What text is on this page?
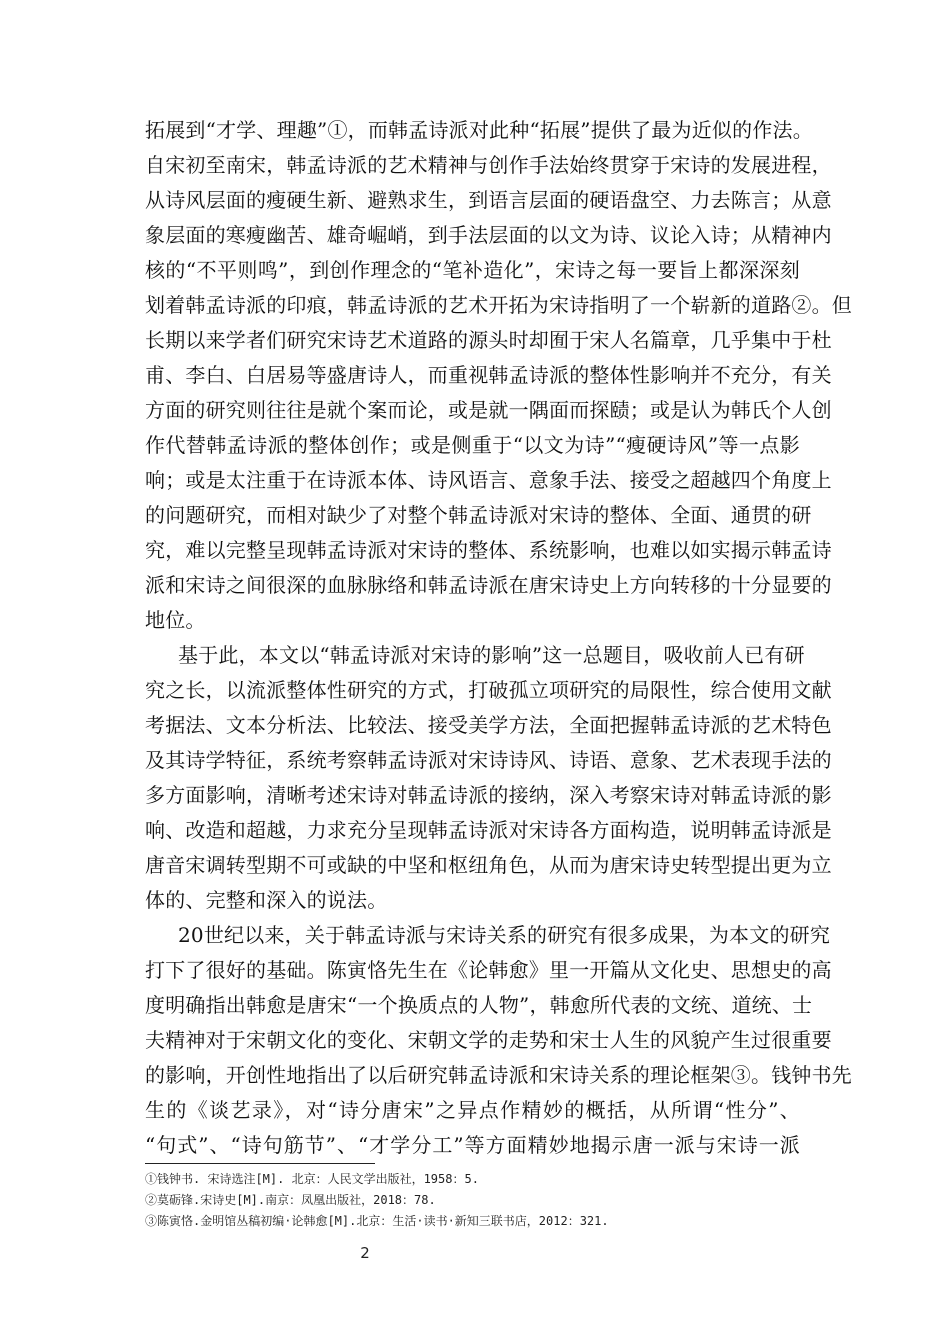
拓展到“才学、理趣”①，而韩孟诗派对此种“拓展”提供了最为近似的作法。
自宋初至南宋，韩孟诗派的艺术精神与创作手法始终贯穿于宋诗的发展进程，
从诗风层面的瘦硬生新、避熟求生，到语言层面的硬语盘空、力去陈言；从意
象层面的寒瘦幽苦、雄奇崛峭，到手法层面的以文为诗、议论入诗；从精神内
核的“不平则鸣”，到创作理念的“笔补造化”，宋诗之每一要旨上都深深刻
划着韩孟诗派的印痕，韩孟诗派的艺术开拓为宋诗指明了一个崭新的道路②。但
长期以来学者们研究宋诗艺术道路的源头时却囿于宋人名篇章，几乎集中于杜
甫、李白、白居易等盛唐诗人，而重视韩孟诗派的整体性影响并不充分，有关
方面的研究则往往是就个案而论，或是就一隅面而探赜；或是认为韩氏个人创
作代替韩孟诗派的整体创作；或是侧重于“以文为诗”“瘦硬诗风”等一点影
响；或是太注重于在诗派本体、诗风语言、意象手法、接受之超越四个角度上
的问题研究，而相对缺少了对整个韩孟诗派对宋诗的整体、全面、通贯的研
究，难以完整呈现韩孟诗派对宋诗的整体、系统影响，也难以如实揭示韩孟诗
派和宋诗之间很深的血脉脉络和韩孟诗派在唐宋诗史上方向转移的十分显要的
地位。
基于此，本文以“韩孟诗派对宋诗的影响”这一总题目，吸收前人已有研
究之长，以流派整体性研究的方式，打破孤立项研究的局限性，综合使用文献
考据法、文本分析法、比较法、接受美学方法，全面把握韩孟诗派的艺术特色
及其诗学特征，系统考察韩孟诗派对宋诗诗风、诗语、意象、艺术表现手法的
多方面影响，清晰考述宋诗对韩孟诗派的接纳，深入考察宋诗对韩孟诗派的影
响、改造和超越，力求充分呈现韩孟诗派对宋诗各方面构造，说明韩孟诗派是
唐音宋调转型期不可或缺的中坚和枢纽角色，从而为唐宋诗史转型提出更为立
体的、完整和深入的说法。
20世纪以来，关于韩孟诗派与宋诗关系的研究有很多成果，为本文的研究
打下了很好的基础。陈寅恪先生在《论韩愈》里一开篇从文化史、思想史的高
度明确指出韩愈是唐宋“一个换质点的人物”，韩愈所代表的文统、道统、士
夫精神对于宋朝文化的变化、宋朝文学的走势和宋士人生的风貌产生过很重要
的影响，开创性地指出了以后研究韩孟诗派和宋诗关系的理论框架③。钱钟书先
生的《谈艺录》，对“诗分唐宋”之异点作精妙的概括，从所谓“性分”、
“句式”、“诗句筋节”、“才学分工”等方面精妙地揭示唐一派与宋诗一派
①钱钟书. 宋诗选注[M]. 北京：人民文学出版社，1958：5.
②莫砺锋.宋诗史[M].南京：凤凰出版社，2018：78.
③陈寅恪.金明馆丛稿初编·论韩愈[M].北京：生活·读书·新知三联书店，2012：321.
2
